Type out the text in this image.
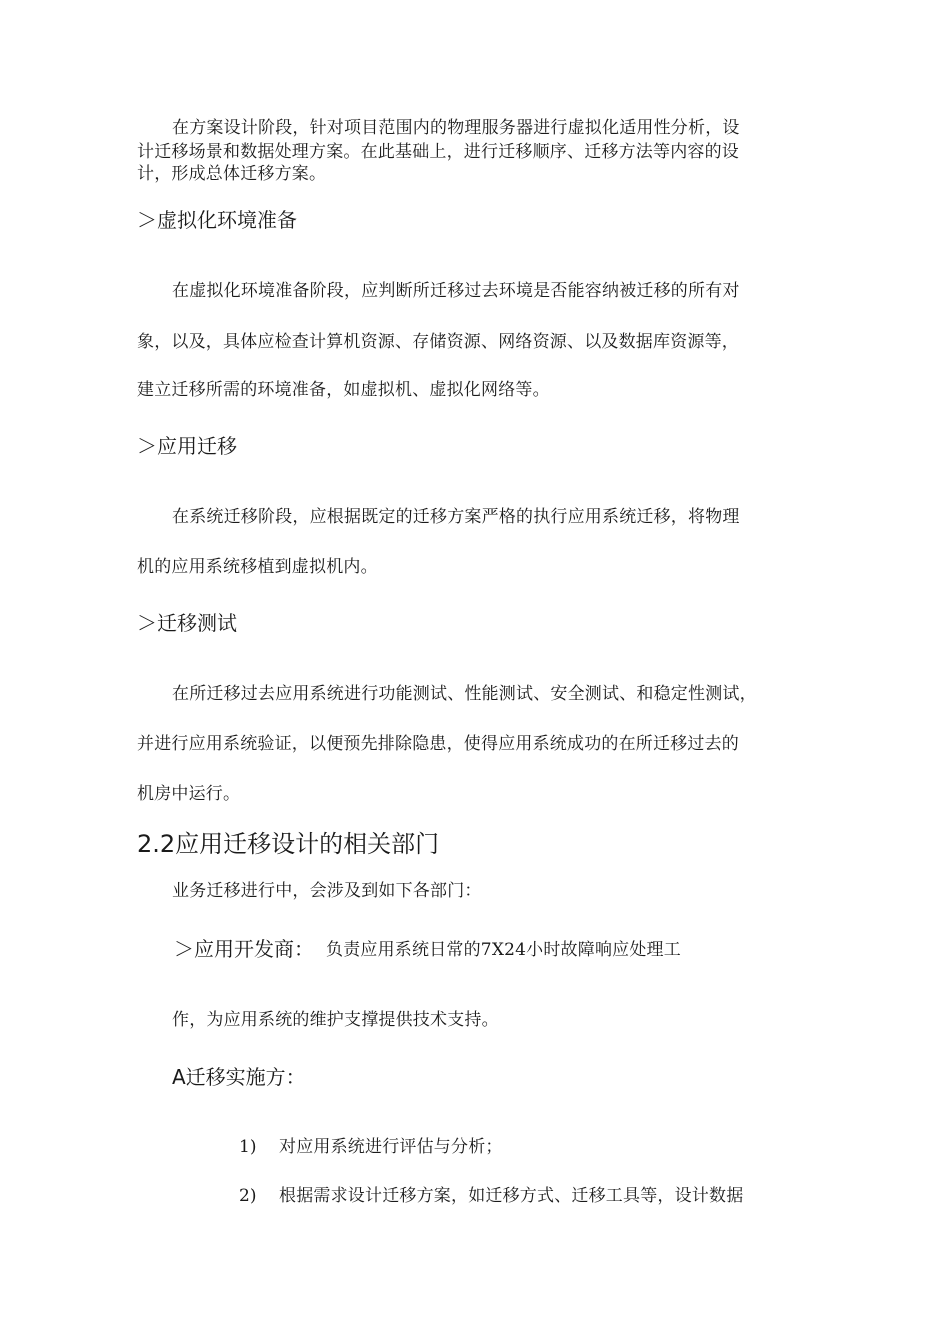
在方案设计阶段，针对项目范围内的物理服务器进行虚拟化适用性分析，设
计迁移场景和数据处理方案。在此基础上，进行迁移顺序、迁移方法等内容的设
计，形成总体迁移方案。
＞虚拟化环境准备
在虚拟化环境准备阶段，应判断所迁移过去环境是否能容纳被迁移的所有对
象，以及，具体应检查计算机资源、存储资源、网络资源、以及数据库资源等，
建立迁移所需的环境准备，如虚拟机、虚拟化网络等。
＞应用迁移
在系统迁移阶段，应根据既定的迁移方案严格的执行应用系统迁移，将物理
机的应用系统移植到虚拟机内。
＞迁移测试
在所迁移过去应用系统进行功能测试、性能测试、安全测试、和稳定性测试，
并进行应用系统验证，以便预先排除隐患，使得应用系统成功的在所迁移过去的
机房中运行。
2.2应用迁移设计的相关部门
业务迁移进行中，会涉及到如下各部门：
＞应用开发商： 负责应用系统日常的7X24小时故障响应处理工
作，为应用系统的维护支撑提供技术支持。
A迁移实施方：
1) 对应用系统进行评估与分析；
2) 根据需求设计迁移方案，如迁移方式、迁移工具等，设计数据
